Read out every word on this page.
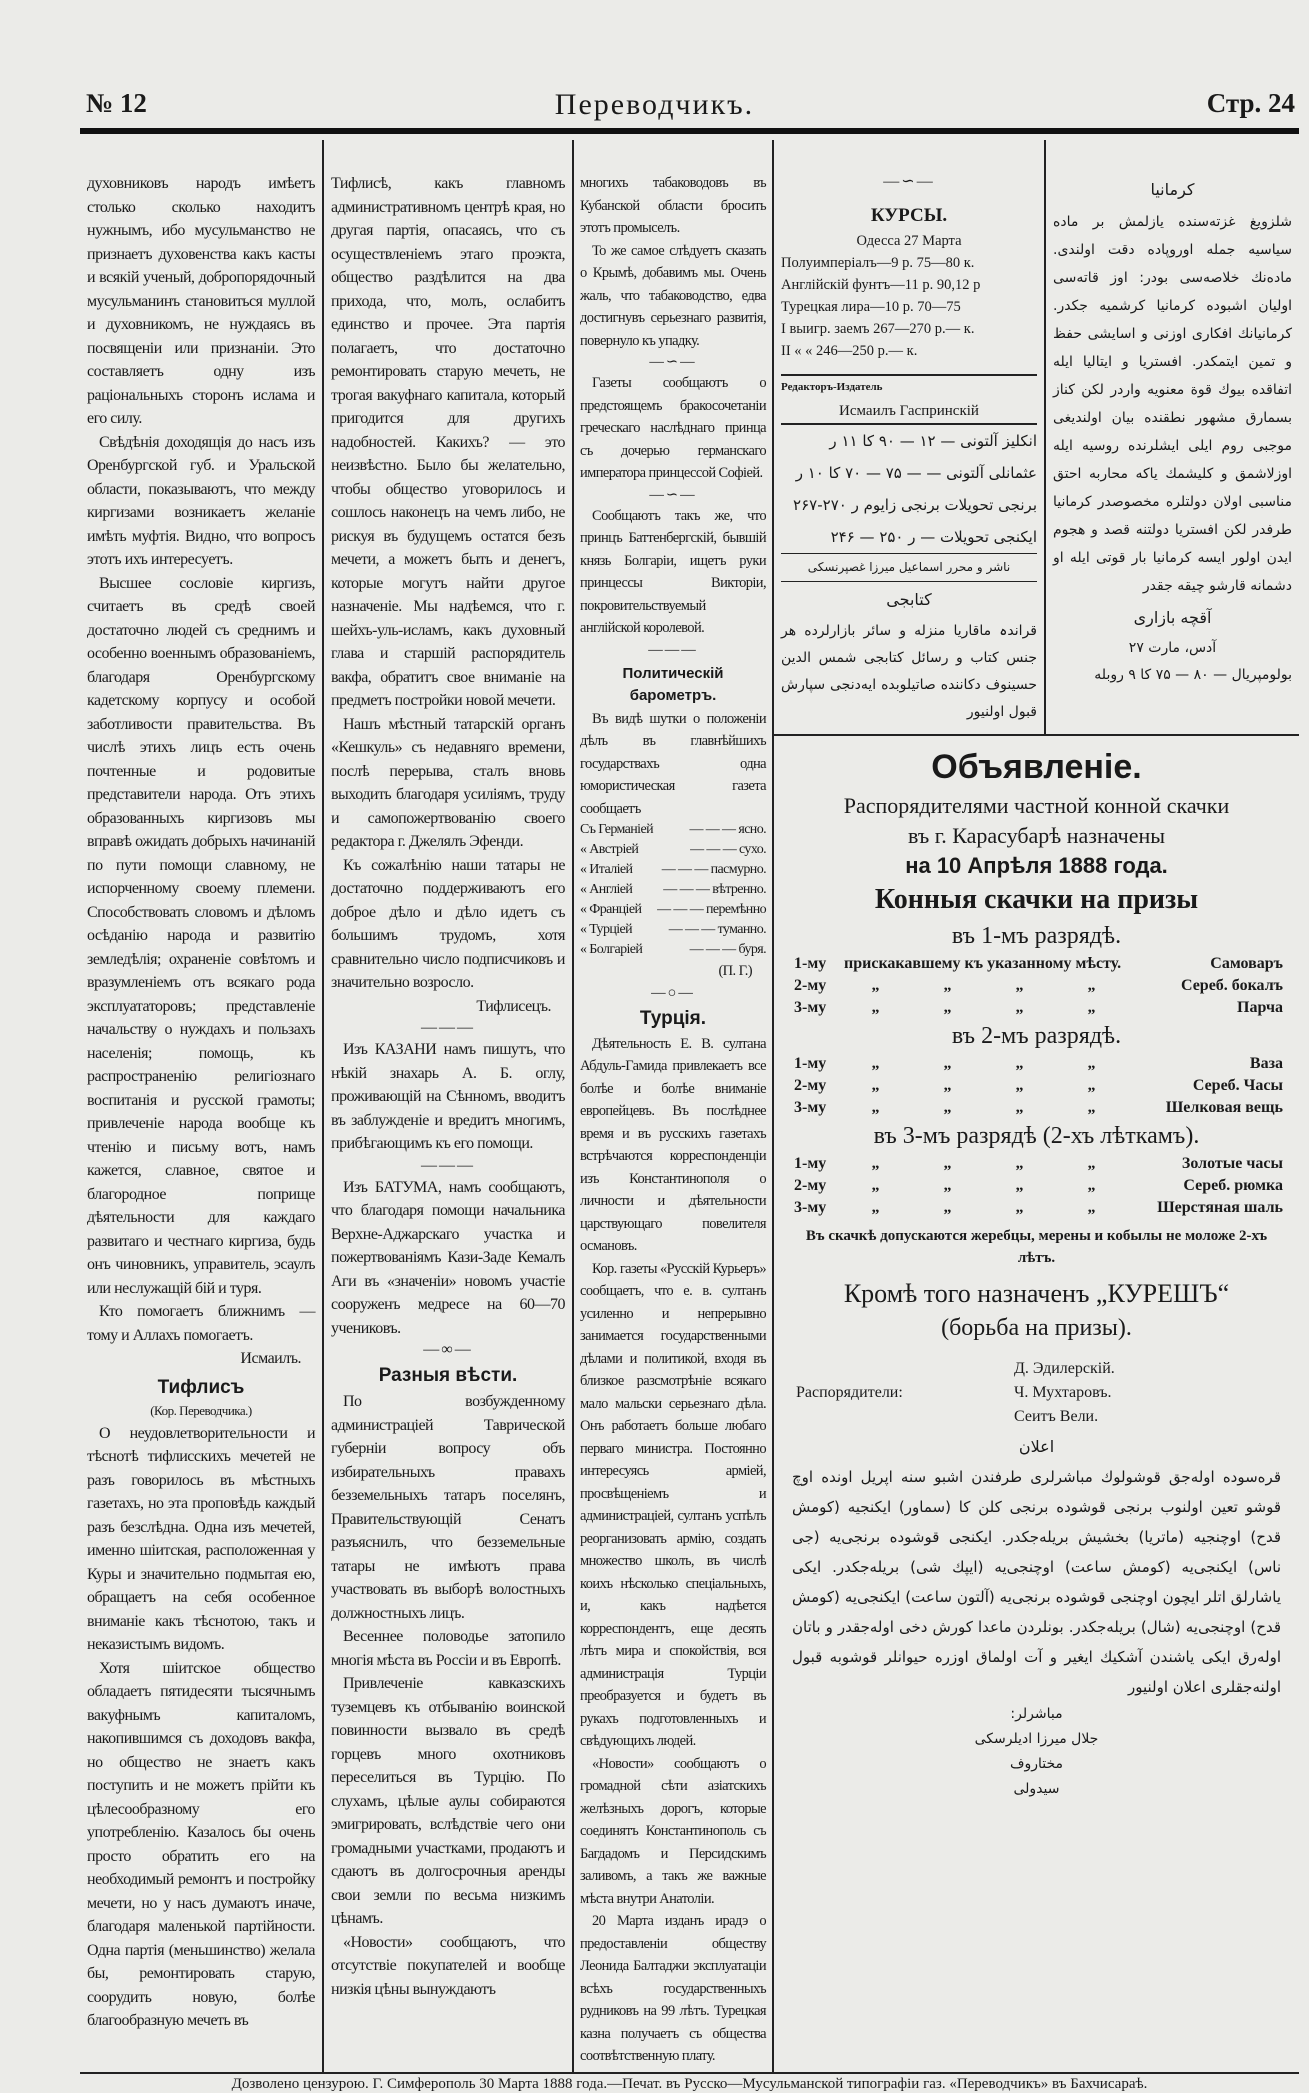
№ 12	Переводчикъ.	Стр. 24

духовниковъ народъ имѣетъ столько сколько находитъ нужнымъ, ибо мусульманство не признаетъ духовенства какъ касты и всякій ученый, добропорядочный мусульманинъ становиться муллой и духовникомъ, не нуждаясь въ посвященіи или признаніи. Это составляетъ одну изъ раціональныхъ сторонъ ислама и его силу.

Свѣдѣнія доходящія до насъ изъ Оренбургской губ. и Уральской области, показываютъ, что между киргизами возникаетъ желаніе имѣть муфтія. Видно, что вопросъ этотъ ихъ интересуетъ.

Высшее сословіе киргизъ, считаетъ въ средѣ своей достаточно людей съ среднимъ и особенно военнымъ образованіемъ, благодаря Оренбургскому кадетскому корпусу и особой заботливости правительства. Въ числѣ этихъ лицъ есть очень почтенные и родовитые представители народа. Отъ этихъ образованныхъ киргизовъ мы вправѣ ожидать добрыхъ начинаній по пути помощи славному, не испорченному своему племени. Способствовать словомъ и дѣломъ осѣданію народа и развитію земледѣлія; охраненіе совѣтомъ и вразумленіемъ отъ всякаго рода эксплуататоровъ; представленіе начальству о нуждахъ и пользахъ населенія; помощь, къ распространенію религіознаго воспитанія и русской грамоты; привлеченіе народа вообще къ чтенію и письму вотъ, намъ кажется, славное, святое и благородное поприще дѣятельности для каждаго развитаго и честнаго киргиза, будь онъ чиновникъ, управитель, эсаулъ или неслужащій бій и туря.

Кто помогаетъ ближнимъ — тому и Аллахъ помогаетъ.

Исмаилъ.
Тифлисъ
(Кор. Переводчика.)

О неудовлетворительности и тѣснотѣ тифлисскихъ мечетей не разъ говорилось въ мѣстныхъ газетахъ, но эта проповѣдь каждый разъ безслѣдна. Одна изъ мечетей, именно шіитская, расположенная у Куры и значительно подмытая ею, обращаетъ на себя особенное вниманіе какъ тѣснотою, такъ и неказистымъ видомъ.

Хотя шіитское общество обладаетъ пятидесяти тысячнымъ вакуфнымъ капиталомъ, накопившимся съ доходовъ вакфа, но общество не знаетъ какъ поступить и не можетъ прійти къ цѣлесообразному его употребленію. Казалось бы очень просто обратить его на необходимый ремонтъ и постройку мечети, но у насъ думаютъ иначе, благодаря маленькой партійности. Одна партія (меньшинство) желала бы, ремонтировать старую, соорудить новую, болѣе благообразную мечеть въ

Тифлисѣ, какъ главномъ административномъ центрѣ края, но другая партія, опасаясь, что съ осуществленіемъ этаго проэкта, общество раздѣлится на два прихода, что, молъ, ослабитъ единство и прочее. Эта партія полагаетъ, что достаточно ремонтировать старую мечеть, не трогая вакуфнаго капитала, который пригодится для другихъ надобностей. Какихъ? — это неизвѣстно. Было бы желательно, чтобы общество уговорилось и сошлось наконецъ на чемъ либо, не рискуя въ будущемъ остатся безъ мечети, а можетъ быть и денегъ, которые могутъ найти другое назначеніе. Мы надѣемся, что г. шейхъ-уль-исламъ, какъ духовный глава и старшій распорядитель вакфа, обратитъ свое вниманіе на предметъ постройки новой мечети.

Нашъ мѣстный татарскій органъ «Кешкуль» съ недавняго времени, послѣ перерыва, сталъ вновь выходить благодаря усиліямъ, труду и самопожертвованію своего редактора г. Джелялъ Эфенди.

Къ сожалѣнію наши татары не достаточно поддерживаютъ его доброе дѣло и дѣло идетъ съ большимъ трудомъ, хотя сравнительно число подписчиковъ и значительно возросло.

Тифлисецъ.
———

Изъ КАЗАНИ намъ пишутъ, что нѣкій знахарь А. Б. оглу, проживающій на Сѣнномъ, вводитъ въ заблужденіе и вредитъ многимъ, прибѣгающимъ къ его помощи.

———

Изъ БАТУМА, намъ сообщаютъ, что благодаря помощи начальника Верхне-Аджарскаго участка и пожертвованіямъ Кази-Заде Кемалъ Аги въ «значеніи» новомъ участіе сооруженъ медресе на 60—70 учениковъ.

—∞—
Разныя вѣсти.

По возбужденному администраціей Таврической губерніи вопросу объ избирательныхъ правахъ безземельныхъ татаръ поселянъ, Правительствующій Сенатъ разъяснилъ, что безземельные татары не имѣютъ права участвовать въ выборѣ волостныхъ должностныхъ лицъ.

Весеннее половодье затопило многія мѣста въ Россіи и въ Европѣ.

Привлеченіе кавказскихъ туземцевъ къ отбыванію воинской повинности вызвало въ средѣ горцевъ много охотниковъ переселиться въ Турцію. По слухамъ, цѣлые аулы собираются эмигрировать, вслѣдствіе чего они громадными участками, продаютъ и сдаютъ въ долгосрочныя аренды свои земли по весьма низкимъ цѣнамъ.

«Новости» сообщаютъ, что отсутствіе покупателей и вообще низкія цѣны вынуждаютъ

многихъ табаководовъ въ Кубанской области бросить этотъ промыселъ.

То же самое слѣдуетъ сказать о Крымѣ, добавимъ мы. Очень жаль, что табаководство, едва достигнувъ серьезнаго развитія, повернуло къ упадку.

—∽—

Газеты сообщаютъ о предстоящемъ бракосочетаніи греческаго наслѣднаго принца съ дочерью германскаго императора принцессой Софіей.

—∽—

Сообщаютъ такъ же, что принцъ Баттенбергскій, бывшій князь Болгаріи, ищетъ руки принцессы Викторіи, покровительствуемый англійской королевой.

———
Политическій барометръ.

Въ видѣ шутки о положеніи дѣлъ въ главнѣйшихъ государствахъ одна юмористическая газета сообщаетъ

Съ Германіей	— — — ясно.
« Австріей	— — — сухо.
« Италіей — — — пасмурно.
« Англіей — — — вѣтренно.
« Франціей — — — перемѣнно
« Турціей	— — — туманно.
« Болгаріей	— — — буря.
(П. Г.)
—○—
Турція.

Дѣятельность Е. В. султана Абдуль-Гамида привлекаетъ все болѣе и болѣе вниманіе европейцевъ. Въ послѣднее время и въ русскихъ газетахъ встрѣчаются корреспонденціи изъ Константинополя о личности и дѣятельности царствующаго повелителя османовъ.

Кор. газеты «Русскій Курьеръ» сообщаетъ, что е. в. султанъ усиленно и непрерывно занимается государственными дѣлами и политикой, входя въ близкое разсмотрѣніе всякаго мало мальски серьезнаго дѣла. Онъ работаетъ больше любаго перваго министра. Постоянно интересуясь арміей, просвѣщеніемъ и администраціей, султанъ успѣлъ реорганизовать армію, создать множество школъ, въ числѣ коихъ нѣсколько спеціальныхъ, и, какъ надѣется корреспондентъ, еще десять лѣтъ мира и спокойствія, вся администрація Турціи преобразуется и будетъ въ рукахъ подготовленныхъ и свѣдующихъ людей.

«Новости» сообщаютъ о громадной сѣти азіатскихъ желѣзныхъ дорогъ, которые соединятъ Константинополь съ Багдадомъ и Персидскимъ заливомъ, а такъ же важные мѣста внутри Анатоліи.

20 Марта изданъ ирадэ о предоставленіи обществу Леонида Балтаджи эксплуатаціи всѣхъ государственныхъ рудниковъ на 99 лѣтъ. Турецкая казна получаетъ съ общества соотвѣтственную плату.

—∽—
КУРСЫ.
Одесса 27 Марта
Полуимперіалъ—9 р. 75—80 к.
Англійскій фунтъ—11 р. 90,12 р
Турецкая лира—10 р. 70—75
I выигр. заемъ 267—270 р.— к.
II « « 246—250 р.— к.
Редакторъ-Издатель
Исмаилъ Гаспринскій
انکلیز آلتونی — ۱۲ — ۹۰ کا ۱۱ ر
عثمانلی آلتونی — — ۷۵ — ۷۰ کا ۱۰ ر
برنجی تحویلات برنجی زایوم ر ۲۷۰-۲۶۷
ایکنجی تحویلات — ر ۲۵۰ — ۲۴۶
ناشر و محرر اسماعیل میرزا غصپرنسکی
کتابجی
قراندہ ماقاریا منزله و سائر بازارلرده هر جنس کتاب و رسائل کتابجی شمس الدین حسینوف دکاننده صاتیلوبده ایه‌دنجی سپارش قبول اولنیور
کرمانیا
شلزویغ غزته‌سنده یازلمش بر ماده سیاسیه جمله اوروپاده دقت اولندی. ماده‌نك خلاصه‌سی بودر: اوز قاته‌سی اولیان اشبوده کرمانیا کرشمیه جکدر. کرمانیانك افکاری اوزنی و اسایشی حفظ و تمین ایتمکدر. افستریا و ایتالیا ایله اتفاقده بیوك قوة معنویه واردر لکن کناز بسمارق مشهور نطقنده بیان اولندیغی موجبی روم ایلی ایشلرنده روسیه ایله اوزلاشمق و کلیشمك یاکه محاربه احتق مناسبی اولان دولتلره مخصوصدر کرمانیا طرفدر لکن افستریا دولتنه قصد و هجوم ایدن اولور ایسه کرمانیا بار قوتی ایله او دشمانه قارشو چیقه جقدر
آقچه بازاری
آدس، مارت ۲۷
بولومپریال — ۸۰ — ۷۵ کا ۹ روبله
Объявленіе.
Распорядителями частной конной скачки
въ г. Карасубарѣ назначены
на 10 Апрѣля 1888 года.
Конныя скачки на призы
въ 1-мъ разрядѣ.
1-му	прискакавшему къ указанному мѣсту.	Самоваръ
2-му	„ „ „ „	Сереб. бокалъ
3-му	„ „ „ „	Парча
въ 2-мъ разрядѣ.
1-му	„ „ „ „	Ваза
2-му	„ „ „ „	Сереб. Часы
3-му	„ „ „ „	Шелковая вещь
въ 3-мъ разрядѣ (2-хъ лѣткамъ).
1-му	„ „ „ „	Золотые часы
2-му	„ „ „ „	Сереб. рюмка
3-му	„ „ „ „	Шерстяная шаль
Въ скачкѣ допускаются жеребцы, мерены и кобылы не моложе 2-хъ лѣтъ.
Кромѣ того назначенъ „КУРЕШЪ“
(борьба на призы).
Распорядители:
Д. Эдилерскій.
Ч. Мухтаровъ.
Сеитъ Вели.
اعلان
قره‌سوده اوله‌جق قوشولوك مباشرلری طرفندن اشبو سنه اپریل اونده اوچ قوشو تعین اولنوب برنجی قوشوده برنجی کلن کا (سماور) ایکنجیه (کومش قدح) اوچنجیه (ماتریا) بخشیش بریله‌جکدر. ایکنجی قوشوده برنجی‌یه (جی ناس) ایکنجی‌یه (کومش ساعت) اوچنجی‌یه (ایپك شی) بریله‌جکدر. ایکی یاشارلق اتلر ایچون اوچنجی قوشوده برنجی‌یه (آلتون ساعت) ایکنجی‌یه (کومش قدح) اوچنجی‌یه (شال) بریله‌جکدر. بونلردن ماعدا کورش دخی اوله‌جقدر و باتان اوله‌رق ایکی یاشندن آشکیك ایغیر و آت اولماق اوزره حیوانلر قوشوبه قبول اولنه‌جقلری اعلان اولنیور
مباشرلر:
جلال میرزا ادیلرسکی
مختاروف
سیدولی
Дозволено цензурою. Г. Симферополь 30 Марта 1888 года.—Печат. въ Русско—Мусульманской типографіи газ. «Переводчикъ» въ Бахчисараѣ.
